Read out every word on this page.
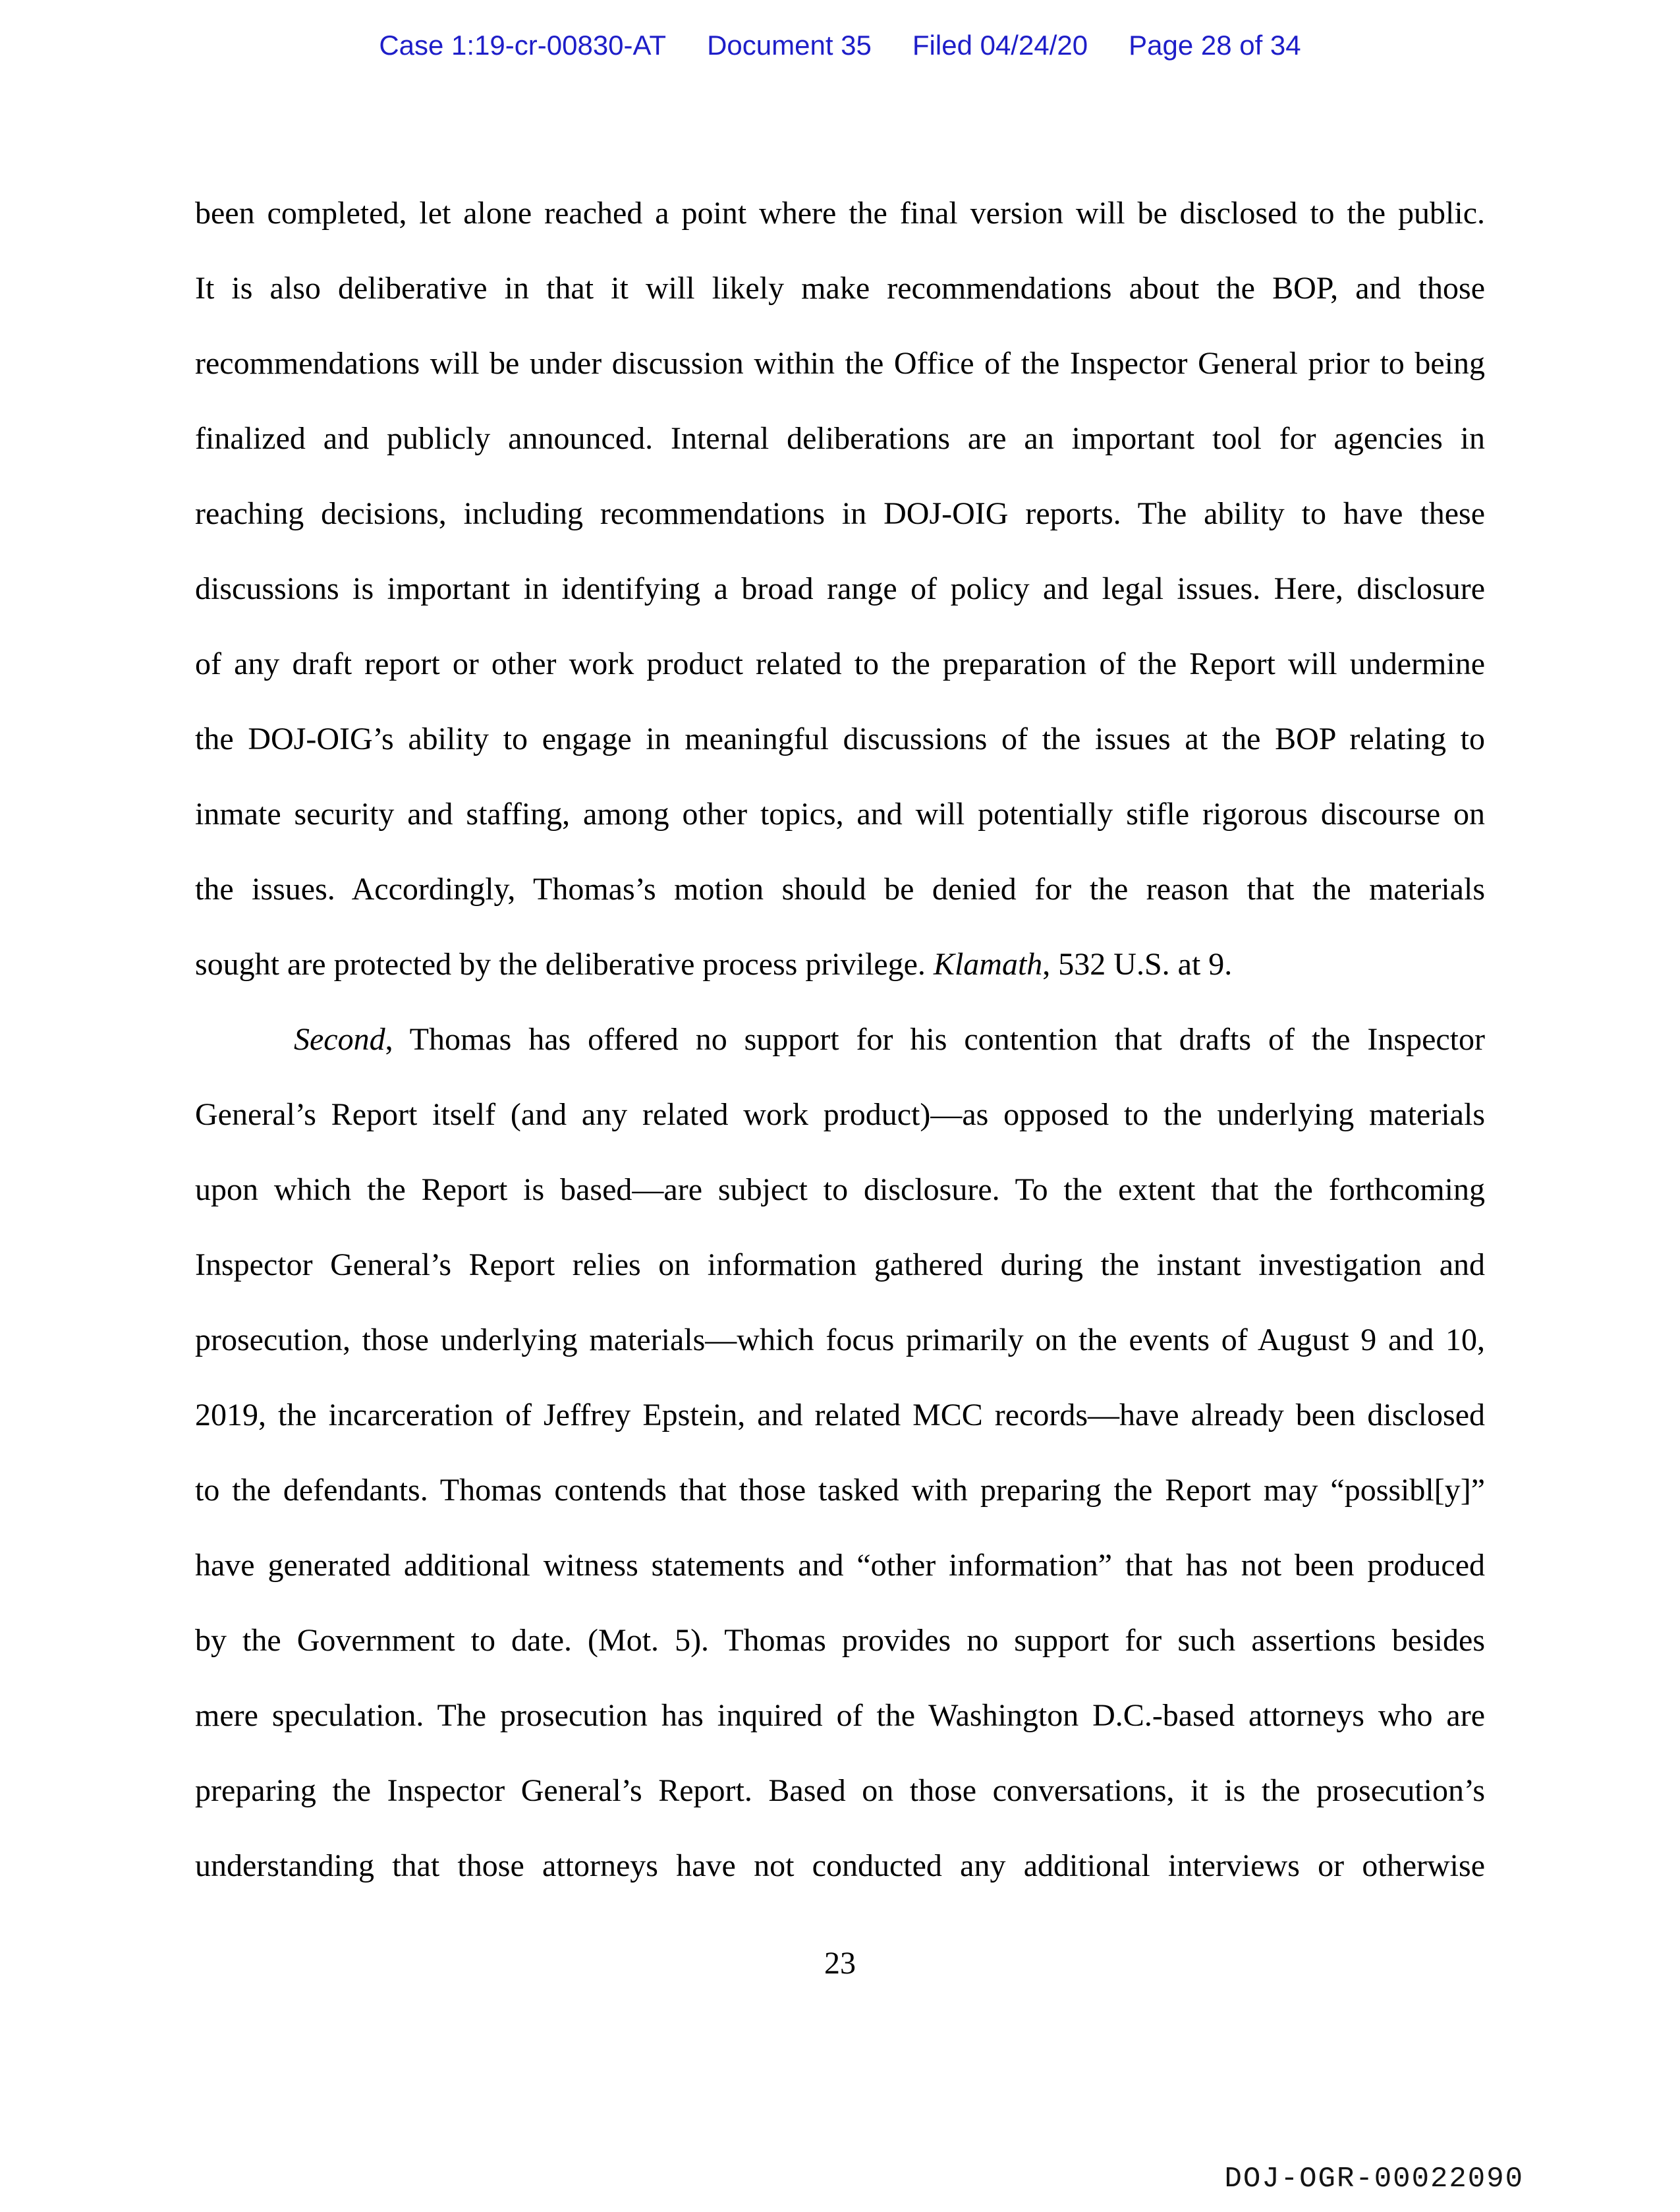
Case 1:19-cr-00830-AT Document 35 Filed 04/24/20 Page 28 of 34
been completed, let alone reached a point where the final version will be disclosed to the public.
It is also deliberative in that it will likely make recommendations about the BOP, and those
recommendations will be under discussion within the Office of the Inspector General prior to being
finalized and publicly announced. Internal deliberations are an important tool for agencies in
reaching decisions, including recommendations in DOJ-OIG reports. The ability to have these
discussions is important in identifying a broad range of policy and legal issues. Here, disclosure
of any draft report or other work product related to the preparation of the Report will undermine
the DOJ-OIG’s ability to engage in meaningful discussions of the issues at the BOP relating to
inmate security and staffing, among other topics, and will potentially stifle rigorous discourse on
the issues. Accordingly, Thomas’s motion should be denied for the reason that the materials
sought are protected by the deliberative process privilege. Klamath, 532 U.S. at 9.
Second, Thomas has offered no support for his contention that drafts of the Inspector
General’s Report itself (and any related work product)—as opposed to the underlying materials
upon which the Report is based—are subject to disclosure. To the extent that the forthcoming
Inspector General’s Report relies on information gathered during the instant investigation and
prosecution, those underlying materials—which focus primarily on the events of August 9 and 10,
2019, the incarceration of Jeffrey Epstein, and related MCC records—have already been disclosed
to the defendants. Thomas contends that those tasked with preparing the Report may “possibl[y]”
have generated additional witness statements and “other information” that has not been produced
by the Government to date. (Mot. 5). Thomas provides no support for such assertions besides
mere speculation. The prosecution has inquired of the Washington D.C.-based attorneys who are
preparing the Inspector General’s Report. Based on those conversations, it is the prosecution’s
understanding that those attorneys have not conducted any additional interviews or otherwise
23
DOJ-OGR-00022090
